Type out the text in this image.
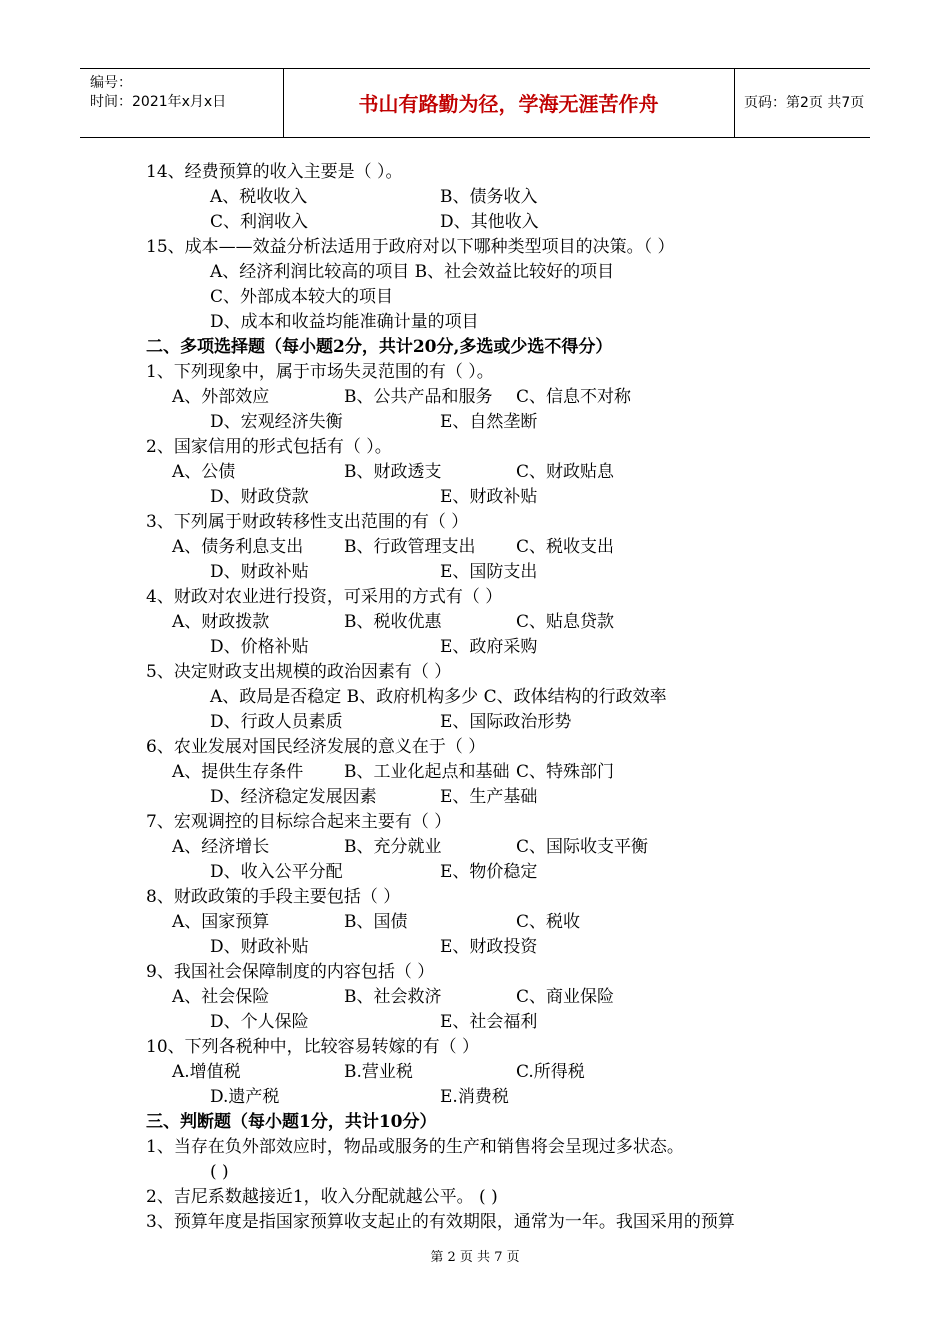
编号：
时间：2021年x月x日	书山有路勤为径，学海无涯苦作舟	页码：第2页 共7页
14、经费预算的收入主要是（ ）。
A、税收收入	B、债务收入
C、利润收入	D、其他收入
15、成本——效益分析法适用于政府对以下哪种类型项目的决策。（ ）
A、经济利润比较高的项目 B、社会效益比较好的项目
C、外部成本较大的项目
D、成本和收益均能准确计量的项目
二、多项选择题（每小题2分，共计20分,多选或少选不得分）
1、下列现象中，属于市场失灵范围的有（ ）。
A、外部效应	B、公共产品和服务 C、信息不对称
D、宏观经济失衡	E、自然垄断
2、国家信用的形式包括有（ ）。
A、公债	B、财政透支	C、财政贴息
D、财政贷款	E、财政补贴
3、下列属于财政转移性支出范围的有（ ）
A、债务利息支出 B、行政管理支出 C、税收支出
D、财政补贴	E、国防支出
4、财政对农业进行投资，可采用的方式有（ ）
A、财政拨款	B、税收优惠	C、贴息贷款
D、价格补贴	E、政府采购
5、决定财政支出规模的政治因素有（ ）
A、政局是否稳定 B、政府机构多少 C、政体结构的行政效率
D、行政人员素质	E、国际政治形势
6、农业发展对国民经济发展的意义在于（ ）
A、提供生存条件 B、工业化起点和基础 C、特殊部门
D、经济稳定发展因素	E、生产基础
7、宏观调控的目标综合起来主要有（ ）
A、经济增长	B、充分就业	C、国际收支平衡
D、收入公平分配	E、物价稳定
8、财政政策的手段主要包括（ ）
A、国家预算	B、国债	C、税收
D、财政补贴	E、财政投资
9、我国社会保障制度的内容包括（ ）
A、社会保险	B、社会救济	C、商业保险
D、个人保险	E、社会福利
10、下列各税种中，比较容易转嫁的有（ ）
A.增值税	B.营业税	C.所得税
D.遗产税	E.消费税
三、判断题（每小题1分，共计10分）
1、当存在负外部效应时，物品或服务的生产和销售将会呈现过多状态。
( )
2、吉尼系数越接近1，收入分配就越公平。 ( )
3、预算年度是指国家预算收支起止的有效期限，通常为一年。我国采用的预算
第 2 页 共 7 页
